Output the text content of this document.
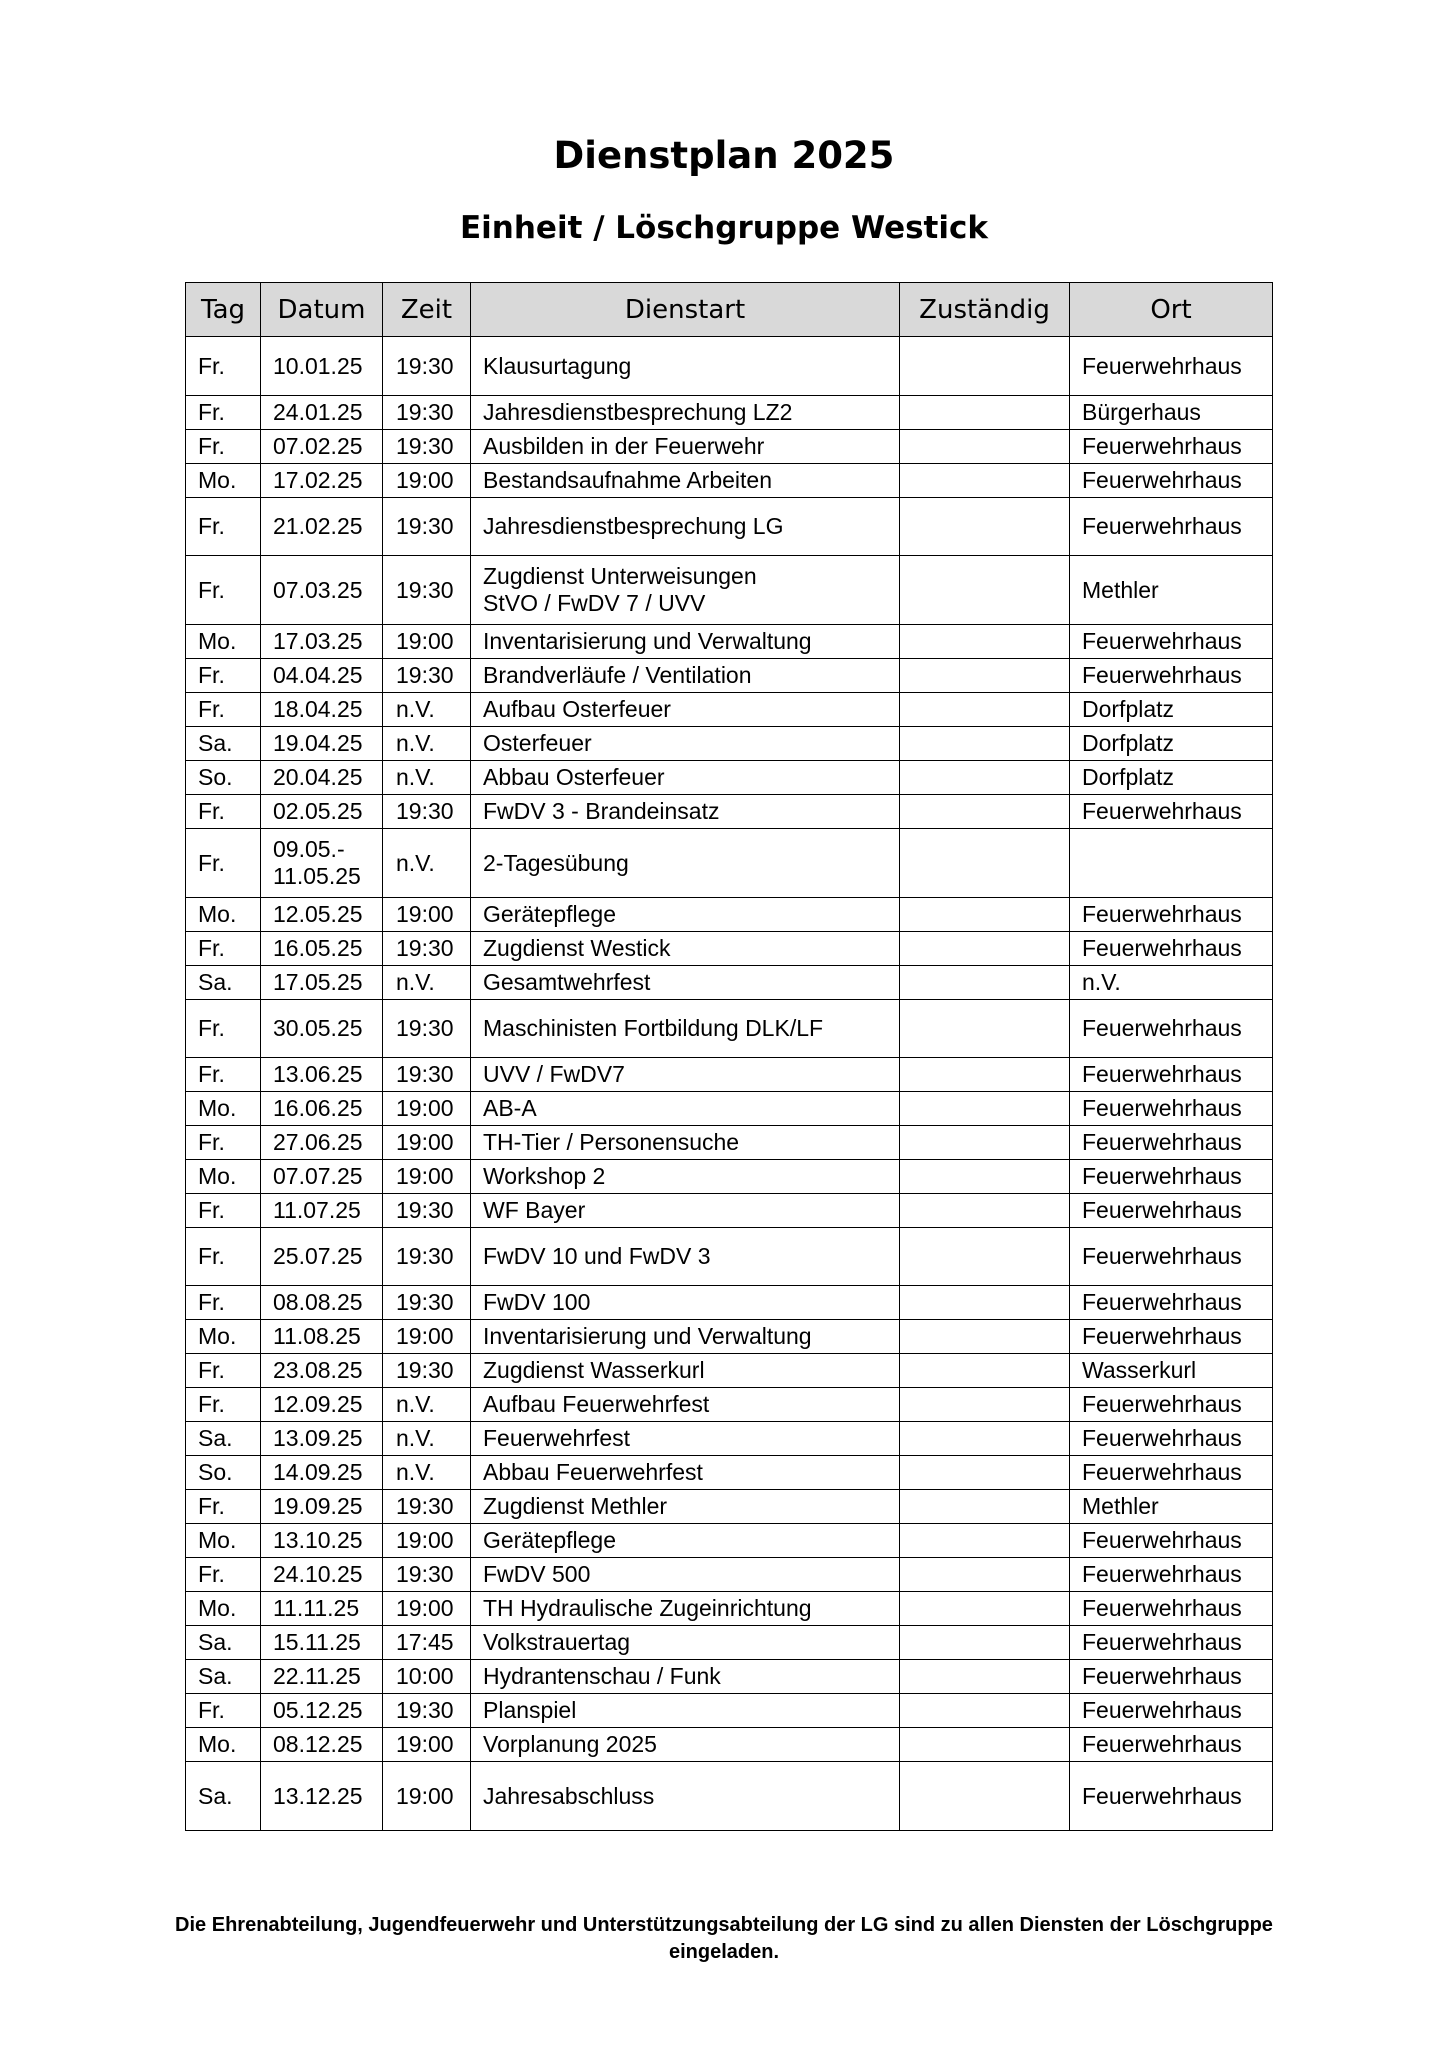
Dienstplan 2025
Einheit / Löschgruppe Westick
Tag	Datum	Zeit	Dienstart	Zuständig	Ort
Fr.	10.01.25	19:30	Klausurtagung		Feuerwehrhaus
Fr.	24.01.25	19:30	Jahresdienstbesprechung LZ2		Bürgerhaus
Fr.	07.02.25	19:30	Ausbilden in der Feuerwehr		Feuerwehrhaus
Mo.	17.02.25	19:00	Bestandsaufnahme Arbeiten		Feuerwehrhaus
Fr.	21.02.25	19:30	Jahresdienstbesprechung LG		Feuerwehrhaus
Fr.	07.03.25	19:30	Zugdienst Unterweisungen
StVO / FwDV 7 / UVV		Methler
Mo.	17.03.25	19:00	Inventarisierung und Verwaltung		Feuerwehrhaus
Fr.	04.04.25	19:30	Brandverläufe / Ventilation		Feuerwehrhaus
Fr.	18.04.25	n.V.	Aufbau Osterfeuer		Dorfplatz
Sa.	19.04.25	n.V.	Osterfeuer		Dorfplatz
So.	20.04.25	n.V.	Abbau Osterfeuer		Dorfplatz
Fr.	02.05.25	19:30	FwDV 3 - Brandeinsatz		Feuerwehrhaus
Fr.	09.05.-
11.05.25	n.V.	2-Tagesübung		
Mo.	12.05.25	19:00	Gerätepflege		Feuerwehrhaus
Fr.	16.05.25	19:30	Zugdienst Westick		Feuerwehrhaus
Sa.	17.05.25	n.V.	Gesamtwehrfest		n.V.
Fr.	30.05.25	19:30	Maschinisten Fortbildung DLK/LF		Feuerwehrhaus
Fr.	13.06.25	19:30	UVV / FwDV7		Feuerwehrhaus
Mo.	16.06.25	19:00	AB-A		Feuerwehrhaus
Fr.	27.06.25	19:00	TH-Tier / Personensuche		Feuerwehrhaus
Mo.	07.07.25	19:00	Workshop 2		Feuerwehrhaus
Fr.	11.07.25	19:30	WF Bayer		Feuerwehrhaus
Fr.	25.07.25	19:30	FwDV 10 und FwDV 3		Feuerwehrhaus
Fr.	08.08.25	19:30	FwDV 100		Feuerwehrhaus
Mo.	11.08.25	19:00	Inventarisierung und Verwaltung		Feuerwehrhaus
Fr.	23.08.25	19:30	Zugdienst Wasserkurl		Wasserkurl
Fr.	12.09.25	n.V.	Aufbau Feuerwehrfest		Feuerwehrhaus
Sa.	13.09.25	n.V.	Feuerwehrfest		Feuerwehrhaus
So.	14.09.25	n.V.	Abbau Feuerwehrfest		Feuerwehrhaus
Fr.	19.09.25	19:30	Zugdienst Methler		Methler
Mo.	13.10.25	19:00	Gerätepflege		Feuerwehrhaus
Fr.	24.10.25	19:30	FwDV 500		Feuerwehrhaus
Mo.	11.11.25	19:00	TH Hydraulische Zugeinrichtung		Feuerwehrhaus
Sa.	15.11.25	17:45	Volkstrauertag		Feuerwehrhaus
Sa.	22.11.25	10:00	Hydrantenschau / Funk		Feuerwehrhaus
Fr.	05.12.25	19:30	Planspiel		Feuerwehrhaus
Mo.	08.12.25	19:00	Vorplanung 2025		Feuerwehrhaus
Sa.	13.12.25	19:00	Jahresabschluss		Feuerwehrhaus

Die Ehrenabteilung, Jugendfeuerwehr und Unterstützungsabteilung der LG sind zu allen Diensten der Löschgruppe eingeladen.
